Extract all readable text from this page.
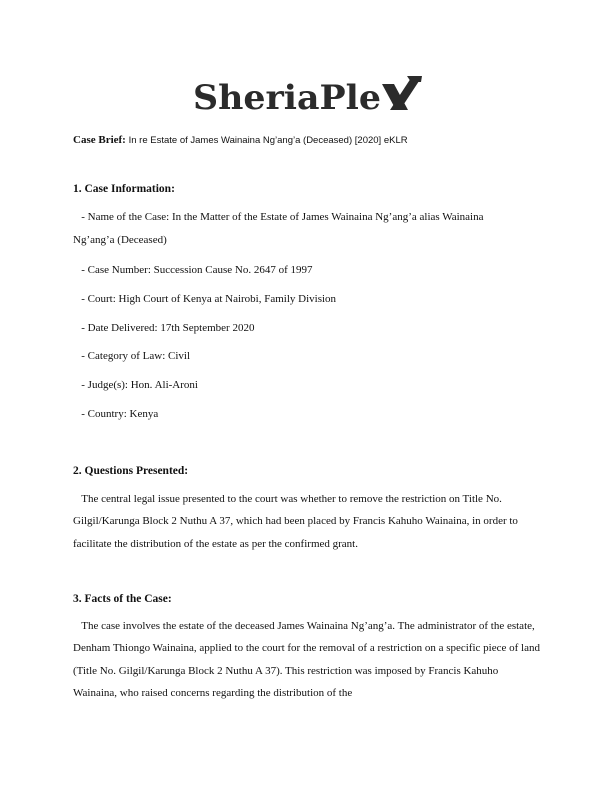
SheriaPle
Case Brief: In re Estate of James Wainaina Ng’ang’a (Deceased) [2020] eKLR
1. Case Information:
- Name of the Case: In the Matter of the Estate of James Wainaina Ng’ang’a alias Wainaina
Ng’ang’a (Deceased)
- Case Number: Succession Cause No. 2647 of 1997
- Court: High Court of Kenya at Nairobi, Family Division
- Date Delivered: 17th September 2020
- Category of Law: Civil
- Judge(s): Hon. Ali-Aroni
- Country: Kenya
2. Questions Presented:
The central legal issue presented to the court was whether to remove the restriction on Title No. Gilgil/Karunga Block 2 Nuthu A 37, which had been placed by Francis Kahuho Wainaina, in order to facilitate the distribution of the estate as per the confirmed grant.
3. Facts of the Case:
The case involves the estate of the deceased James Wainaina Ng’ang’a. The administrator of the estate, Denham Thiongo Wainaina, applied to the court for the removal of a restriction on a specific piece of land (Title No. Gilgil/Karunga Block 2 Nuthu A 37). This restriction was imposed by Francis Kahuho Wainaina, who raised concerns regarding the distribution of the
